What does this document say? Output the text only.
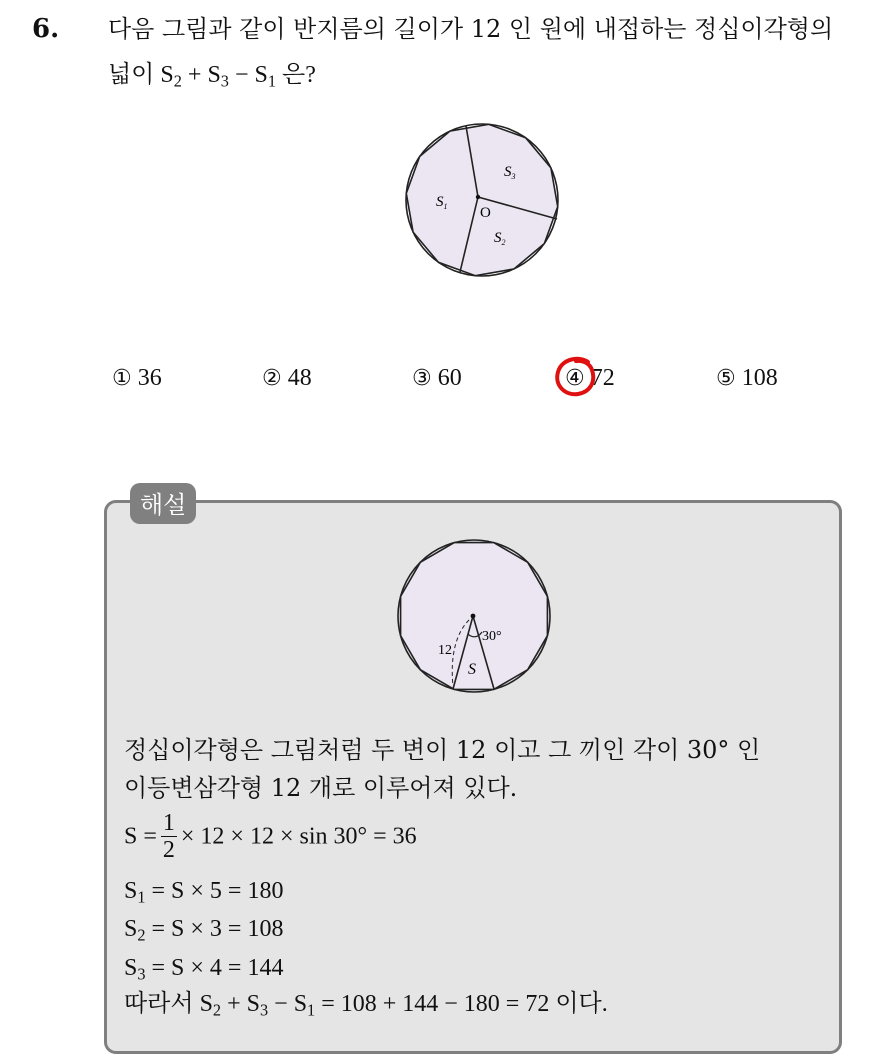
6. 다음 그림과 같이 반지름의 길이가 12 인 원에 내접하는 정십이각형의
넓이 $S_2 + S_3 - S_1$ 은?
O
$S_1$
$S_3$
$S_2$
① 36	② 48	③ 60	④ 72	⑤ 108
해설
12
30°
S
정십이각형은 그림처럼 두 변이 12 이고 그 끼인 각이 30° 인
이등변삼각형 12 개로 이루어져 있다.
$S = \frac{1}{2} \times 12 \times 12 \times \sin 30^\circ = 36$
$S_1 = S \times 5 = 180$
$S_2 = S \times 3 = 108$
$S_3 = S \times 4 = 144$
따라서 $S_2 + S_3 - S_1 = 108 + 144 - 180 = 72$ 이다.
